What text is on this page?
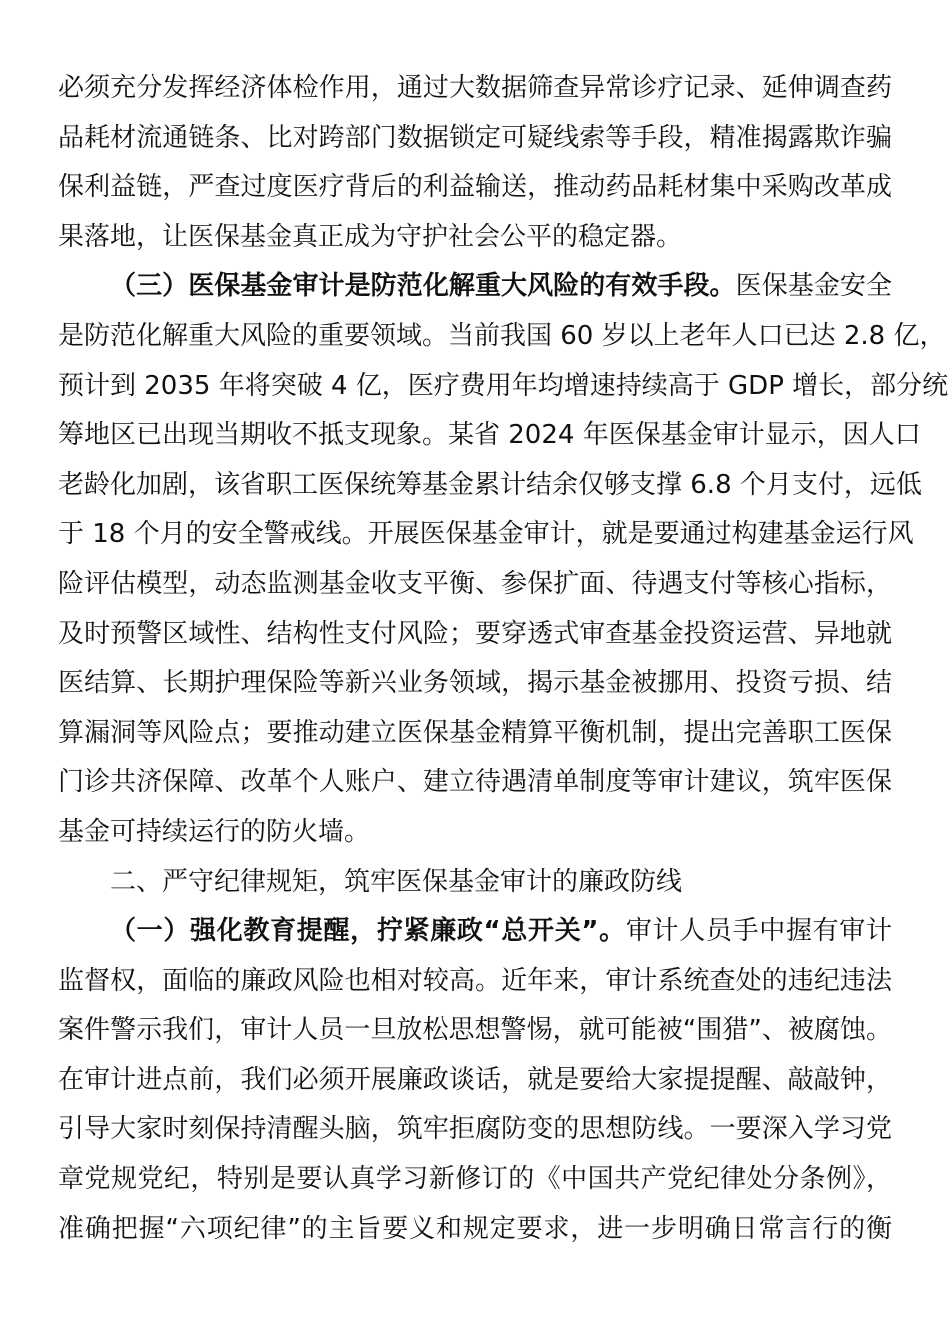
必须充分发挥经济体检作用，通过大数据筛查异常诊疗记录、延伸调查药
品耗材流通链条、比对跨部门数据锁定可疑线索等手段，精准揭露欺诈骗
保利益链，严查过度医疗背后的利益输送，推动药品耗材集中采购改革成
果落地，让医保基金真正成为守护社会公平的稳定器。

（三）医保基金审计是防范化解重大风险的有效手段。医保基金安全
是防范化解重大风险的重要领域。当前我国 60 岁以上老年人口已达 2.8 亿，
预计到 2035 年将突破 4 亿，医疗费用年均增速持续高于 GDP 增长，部分统
筹地区已出现当期收不抵支现象。某省 2024 年医保基金审计显示，因人口
老龄化加剧，该省职工医保统筹基金累计结余仅够支撑 6.8 个月支付，远低
于 18 个月的安全警戒线。开展医保基金审计，就是要通过构建基金运行风
险评估模型，动态监测基金收支平衡、参保扩面、待遇支付等核心指标，
及时预警区域性、结构性支付风险；要穿透式审查基金投资运营、异地就
医结算、长期护理保险等新兴业务领域，揭示基金被挪用、投资亏损、结
算漏洞等风险点；要推动建立医保基金精算平衡机制，提出完善职工医保
门诊共济保障、改革个人账户、建立待遇清单制度等审计建议，筑牢医保
基金可持续运行的防火墙。

二、严守纪律规矩，筑牢医保基金审计的廉政防线

（一）强化教育提醒，拧紧廉政“总开关”。审计人员手中握有审计
监督权，面临的廉政风险也相对较高。近年来，审计系统查处的违纪违法
案件警示我们，审计人员一旦放松思想警惕，就可能被“围猎”、被腐蚀。
在审计进点前，我们必须开展廉政谈话，就是要给大家提提醒、敲敲钟，
引导大家时刻保持清醒头脑，筑牢拒腐防变的思想防线。一要深入学习党
章党规党纪，特别是要认真学习新修订的《中国共产党纪律处分条例》，
准确把握“六项纪律”的主旨要义和规定要求，进一步明确日常言行的衡
